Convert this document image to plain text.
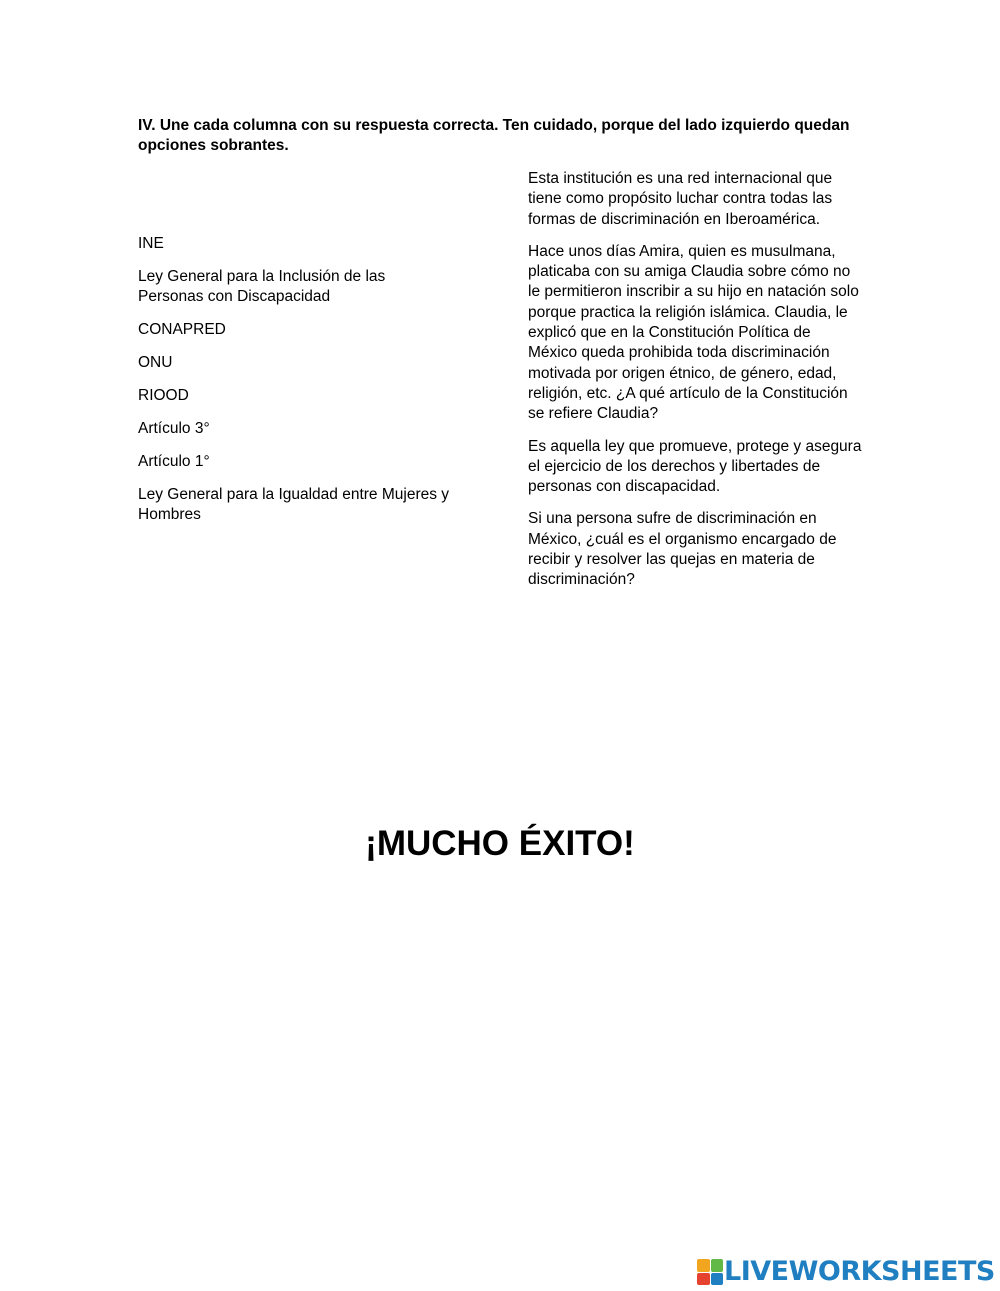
IV. Une cada columna con su respuesta correcta. Ten cuidado, porque del lado izquierdo quedan opciones sobrantes.

INE

Ley General para la Inclusión de las Personas con Discapacidad

CONAPRED

ONU

RIOOD

Artículo 3°

Artículo 1°

Ley General para la Igualdad entre Mujeres y Hombres

Esta institución es una red internacional que tiene como propósito luchar contra todas las formas de discriminación en Iberoamérica.

Hace unos días Amira, quien es musulmana, platicaba con su amiga Claudia sobre cómo no le permitieron inscribir a su hijo en natación solo porque practica la religión islámica. Claudia, le explicó que en la Constitución Política de México queda prohibida toda discriminación motivada por origen étnico, de género, edad, religión, etc. ¿A qué artículo de la Constitución se refiere Claudia?

Es aquella ley que promueve, protege y asegura el ejercicio de los derechos y libertades de personas con discapacidad.

Si una persona sufre de discriminación en México, ¿cuál es el organismo encargado de recibir y resolver las quejas en materia de discriminación?

¡MUCHO ÉXITO!

LIVEWORKSHEETS
